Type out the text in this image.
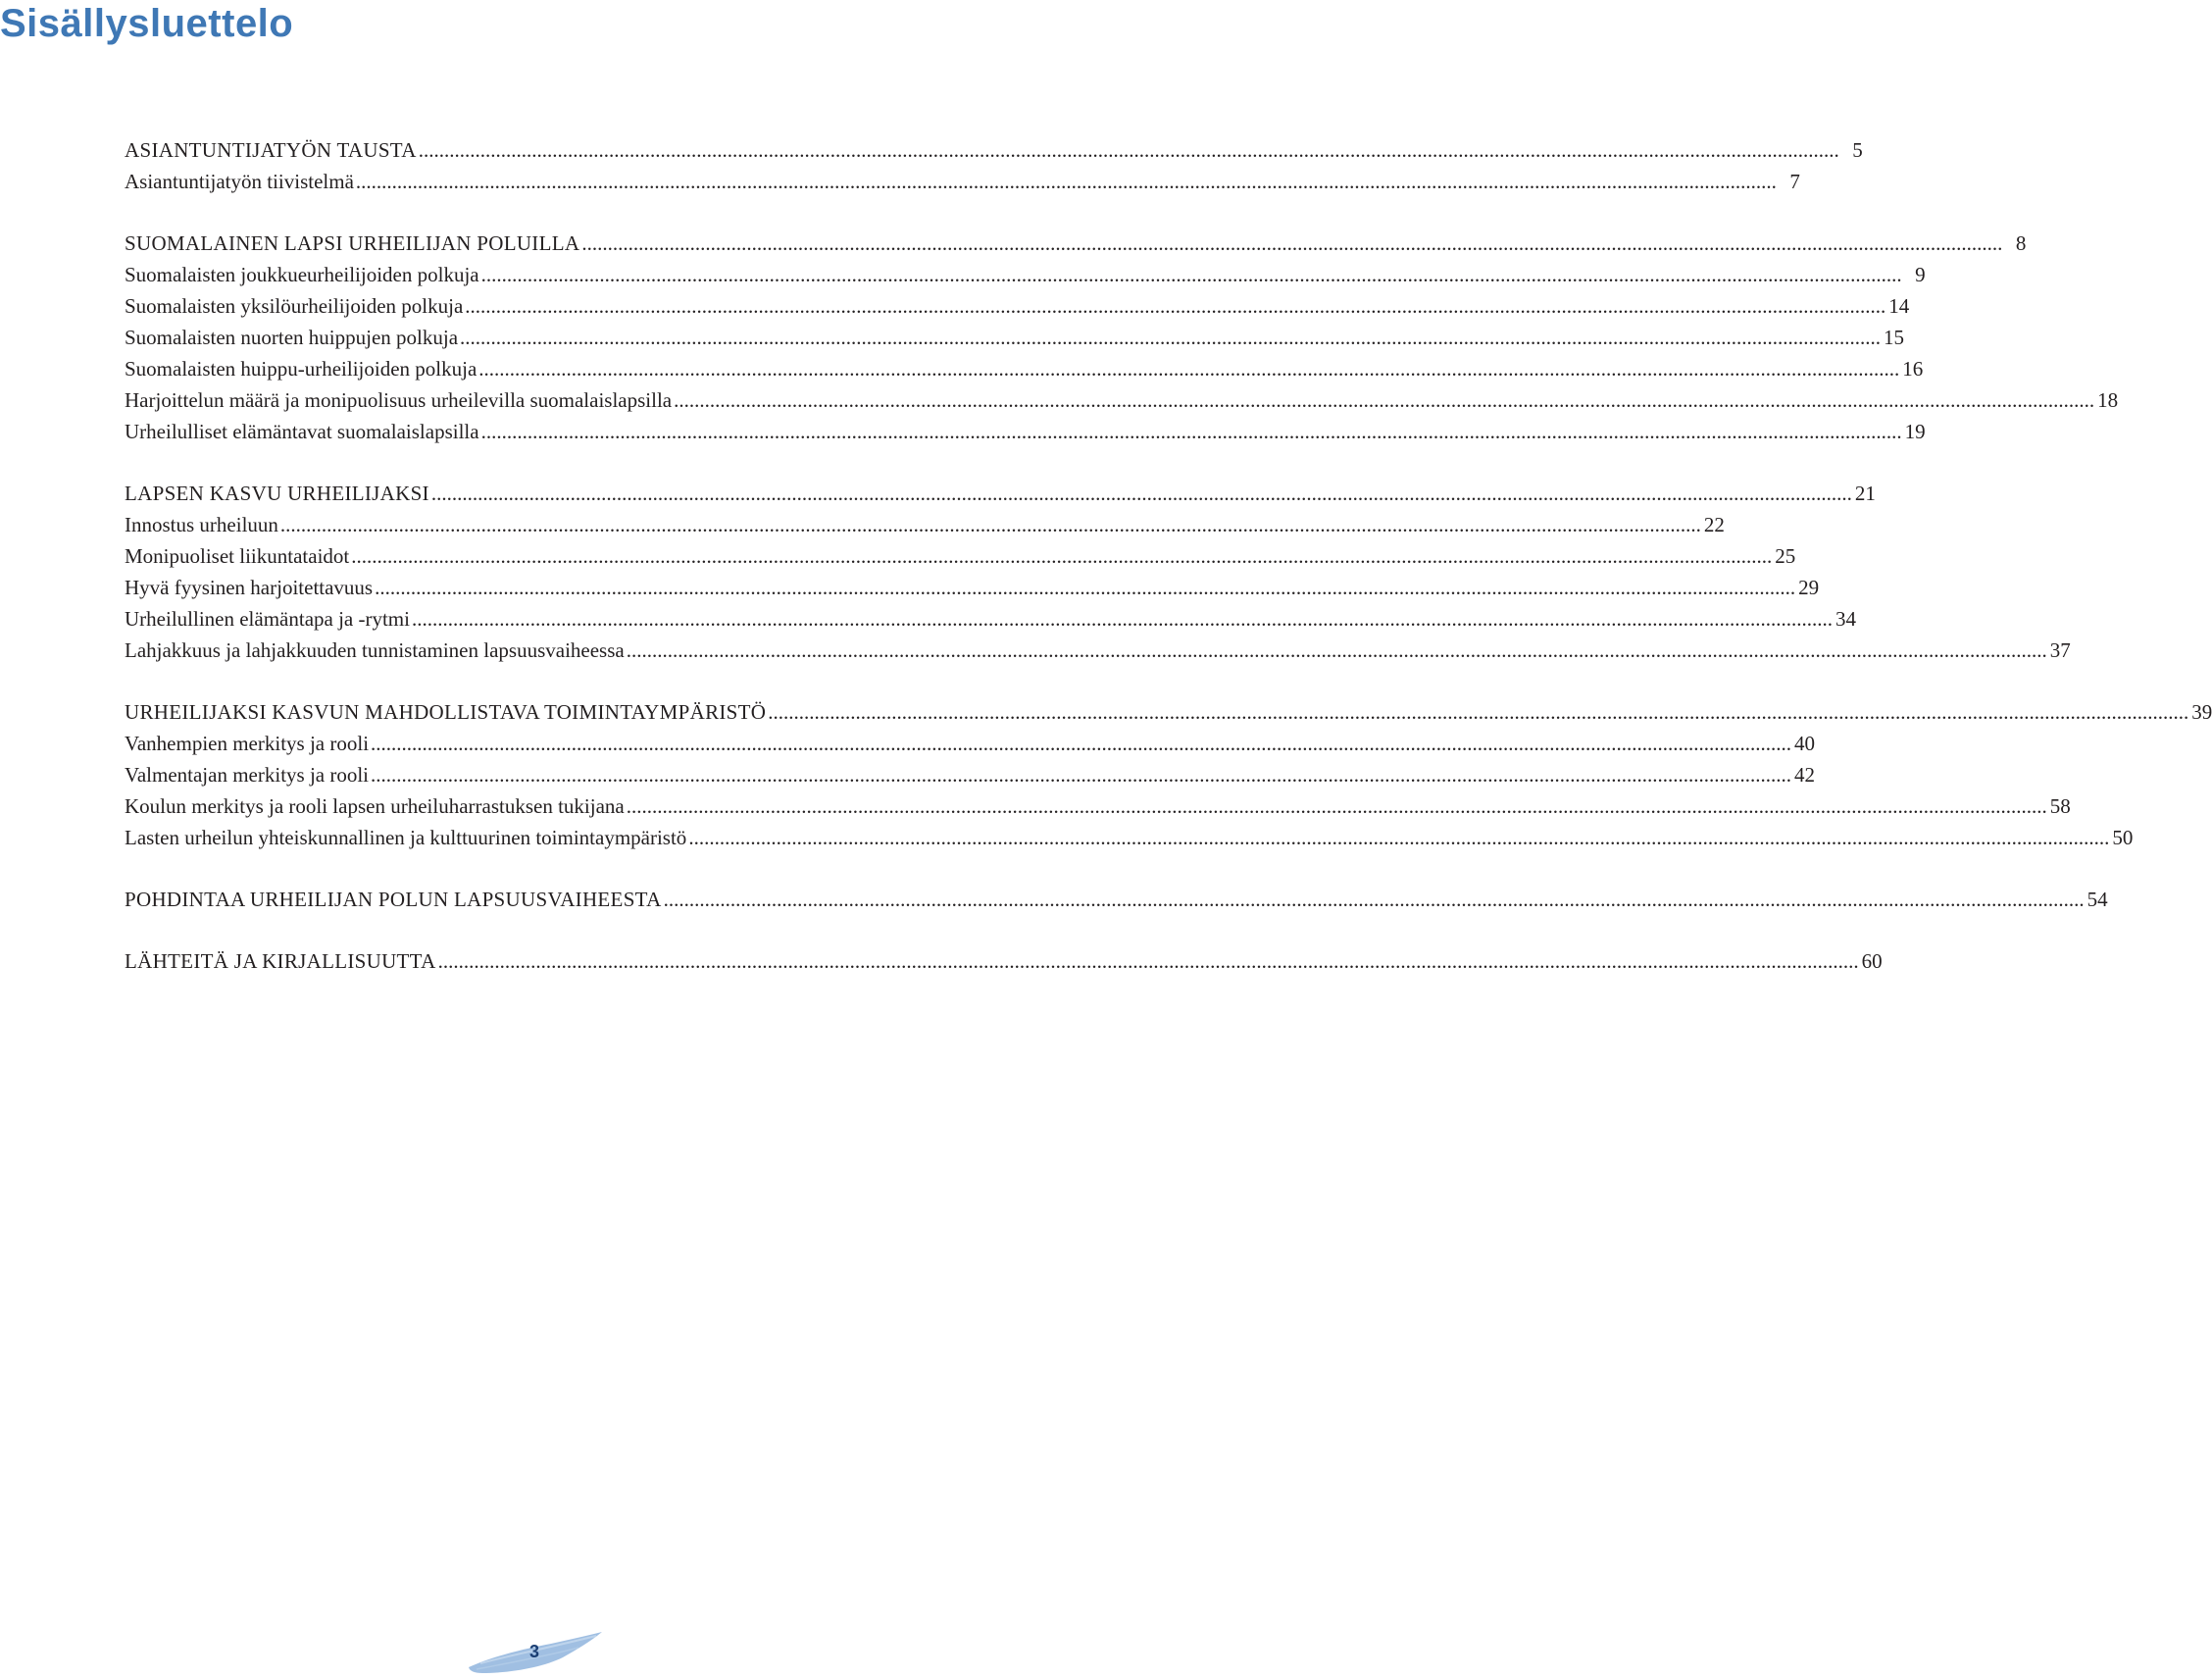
Sisällysluettelo
ASIANTUNTIJATYÖN TAUSTA .....	5
Asiantuntijatyön tiivistelmä .....	7
SUOMALAINEN LAPSI URHEILIJAN POLUILLA .....	8
Suomalaisten joukkueurheilijoiden polkuja .....	9
Suomalaisten yksilöurheilijoiden polkuja .....	14
Suomalaisten nuorten huippujen polkuja .....	15
Suomalaisten huippu-urheilijoiden polkuja .....	16
Harjoittelun määrä ja monipuolisuus urheilevilla suomalaislapsilla .....	18
Urheilulliset elämäntavat suomalaislapsilla .....	19
LAPSEN KASVU URHEILIJAKSI .....	21
Innostus urheiluun .....	22
Monipuoliset liikuntataidot .....	25
Hyvä fyysinen harjoitettavuus .....	29
Urheilullinen elämäntapa ja -rytmi .....	34
Lahjakkuus ja lahjakkuuden tunnistaminen lapsuusvaiheessa .....	37
URHEILIJAKSI KASVUN MAHDOLLISTAVA TOIMINTAYMPÄRISTÖ .....	39
Vanhempien merkitys ja rooli .....	40
Valmentajan merkitys ja rooli .....	42
Koulun merkitys ja rooli lapsen urheiluharrastuksen tukijana .....	58
Lasten urheilun yhteiskunnallinen ja kulttuurinen toimintaympäristö .....	50
POHDINTAA URHEILIJAN POLUN LAPSUUSVAIHEESTA .....	54
LÄHTEITÄ JA KIRJALLISUUTTA .....	60
3
